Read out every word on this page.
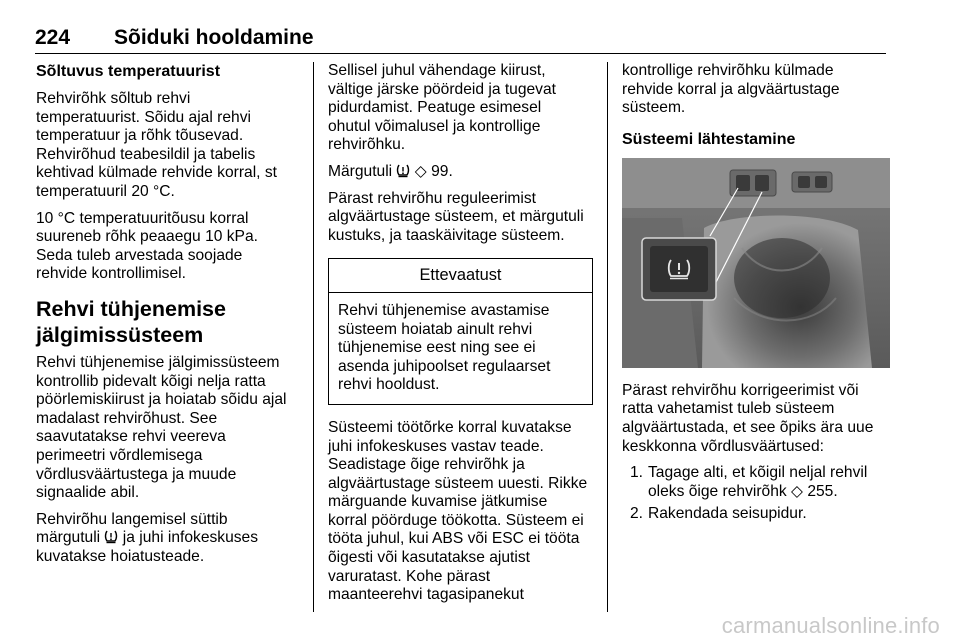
224 Sõiduki hooldamine
Sõltuvus temperatuurist

Rehvirõhk sõltub rehvi
temperatuurist. Sõidu ajal rehvi
temperatuur ja rõhk tõusevad.
Rehvirõhud teabesildil ja tabelis
kehtivad külmade rehvide korral, st
temperatuuril 20 °C.

10 °C temperatuuritõusu korral
suureneb rõhk peaaegu 10 kPa.
Seda tuleb arvestada soojade
rehvide kontrollimisel.

Rehvi tühjenemise
jälgimissüsteem

Rehvi tühjenemise jälgimissüsteem
kontrollib pidevalt kõigi nelja ratta
pöörlemiskiirust ja hoiatab sõidu ajal
madalast rehvirõhust. See
saavutatakse rehvi veereva
perimeetri võrdlemisega
võrdlusväärtustega ja muude
signaalide abil.

Rehvirõhu langemisel süttib
märgutuli  ja juhi infokeskuses
kuvatakse hoiatusteade.

Sellisel juhul vähendage kiirust,
vältige järske pöördeid ja tugevat
pidurdamist. Peatuge esimesel
ohutul võimalusel ja kontrollige
rehvirõhku.

Märgutuli  ◇ 99.

Pärast rehvirõhu reguleerimist
algväärtustage süsteem, et märgutuli
kustuks, ja taaskäivitage süsteem.

Ettevaatust
Rehvi tühjenemise avastamise
süsteem hoiatab ainult rehvi
tühjenemise eest ning see ei
asenda juhipoolset regulaarset
rehvi hooldust.

Süsteemi töötõrke korral kuvatakse
juhi infokeskuses vastav teade.
Seadistage õige rehvirõhk ja
algväärtustage süsteem uuesti. Rikke
märguande kuvamise jätkumise
korral pöörduge töökotta. Süsteem ei
tööta juhul, kui ABS või ESC ei tööta
õigesti või kasutatakse ajutist
varuratast. Kohe pärast
maanteerehvi tagasipanekut

kontrollige rehvirõhku külmade
rehvide korral ja algväärtustage
süsteem.

Süsteemi lähtestamine

Pärast rehvirõhu korrigeerimist või
ratta vahetamist tuleb süsteem
algväärtustada, et see õpiks ära uue
keskkonna võrdlusväärtused:

1. Tagage alti, et kõigil neljal rehvil
oleks õige rehvirõhk ◇ 255.
2. Rakendada seisupidur.
carmanualsonline.info
